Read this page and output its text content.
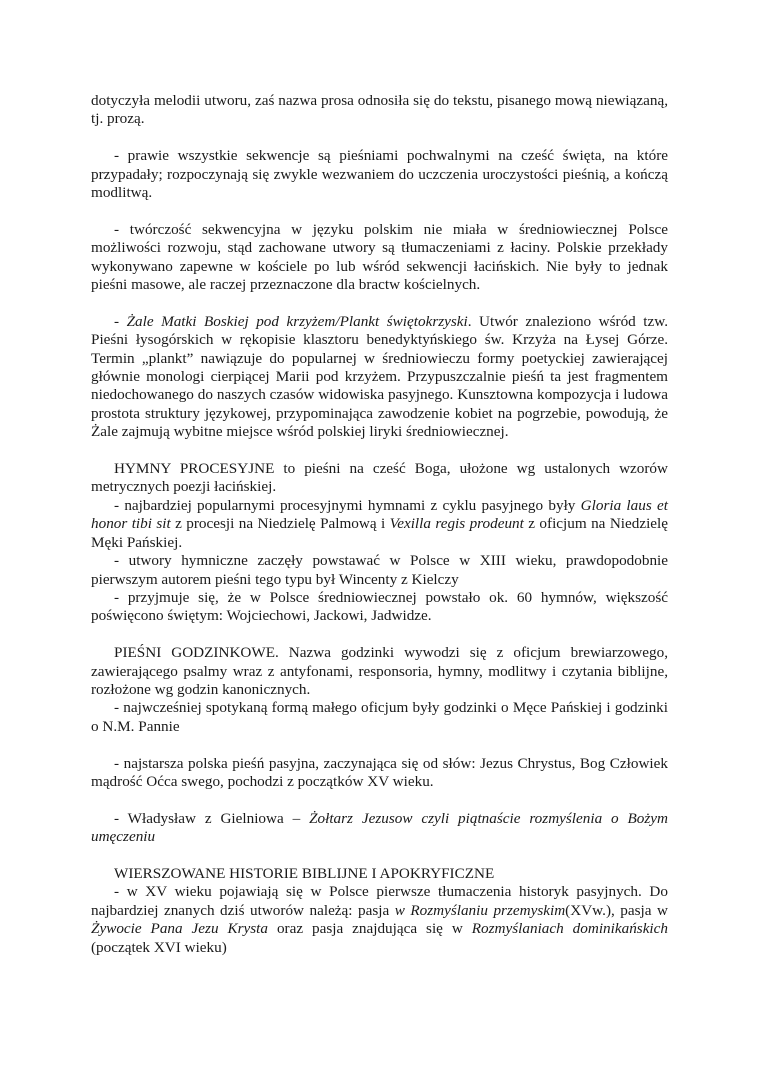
dotyczyła melodii utworu, zaś nazwa prosa odnosiła się do tekstu, pisanego mową niewiązaną, tj. prozą.

- prawie wszystkie sekwencje są pieśniami pochwalnymi na cześć święta, na które przypadały; rozpoczynają się zwykle wezwaniem do uczczenia uroczystości pieśnią, a kończą modlitwą.

- twórczość sekwencyjna w języku polskim nie miała w średniowiecznej Polsce możliwości rozwoju, stąd zachowane utwory są tłumaczeniami z łaciny. Polskie przekłady wykonywano zapewne w kościele po lub wśród sekwencji łacińskich. Nie były to jednak pieśni masowe, ale raczej przeznaczone dla bractw kościelnych.

- Żale Matki Boskiej pod krzyżem/Plankt świętokrzyski. Utwór znaleziono wśród tzw. Pieśni łysogórskich w rękopisie klasztoru benedyktyńskiego św. Krzyża na Łysej Górze. Termin „plankt” nawiązuje do popularnej w średniowieczu formy poetyckiej zawierającej głównie monologi cierpiącej Marii pod krzyżem. Przypuszczalnie pieśń ta jest fragmentem niedochowanego do naszych czasów widowiska pasyjnego. Kunsztowna kompozycja i ludowa prostota struktury językowej, przypominająca zawodzenie kobiet na pogrzebie, powodują, że Żale zajmują wybitne miejsce wśród polskiej liryki średniowiecznej.

HYMNY PROCESYJNE to pieśni na cześć Boga, ułożone wg ustalonych wzorów metrycznych poezji łacińskiej.

- najbardziej popularnymi procesyjnymi hymnami z cyklu pasyjnego były Gloria laus et honor tibi sit z procesji na Niedzielę Palmową i Vexilla regis prodeunt z oficjum na Niedzielę Męki Pańskiej.

- utwory hymniczne zaczęły powstawać w Polsce w XIII wieku, prawdopodobnie pierwszym autorem pieśni tego typu był Wincenty z Kielczy

- przyjmuje się, że w Polsce średniowiecznej powstało ok. 60 hymnów, większość poświęcono świętym: Wojciechowi, Jackowi, Jadwidze.

PIEŚNI GODZINKOWE. Nazwa godzinki wywodzi się z oficjum brewiarzowego, zawierającego psalmy wraz z antyfonami, responsoria, hymny, modlitwy i czytania biblijne, rozłożone wg godzin kanonicznych.

- najwcześniej spotykaną formą małego oficjum były godzinki o Męce Pańskiej i godzinki o N.M. Pannie

- najstarsza polska pieśń pasyjna, zaczynająca się od słów: Jezus Chrystus, Bog Człowiek mądrość Oćca swego, pochodzi z początków XV wieku.

- Władysław z Gielniowa – Żołtarz Jezusow czyli piątnaście rozmyślenia o Bożym umęczeniu

WIERSZOWANE HISTORIE BIBLIJNE I APOKRYFICZNE

- w XV wieku pojawiają się w Polsce pierwsze tłumaczenia historyk pasyjnych. Do najbardziej znanych dziś utworów należą: pasja w Rozmyślaniu przemyskim(XVw.), pasja w Żywocie Pana Jezu Krysta oraz pasja znajdująca się w Rozmyślaniach dominikańskich (początek XVI wieku)
